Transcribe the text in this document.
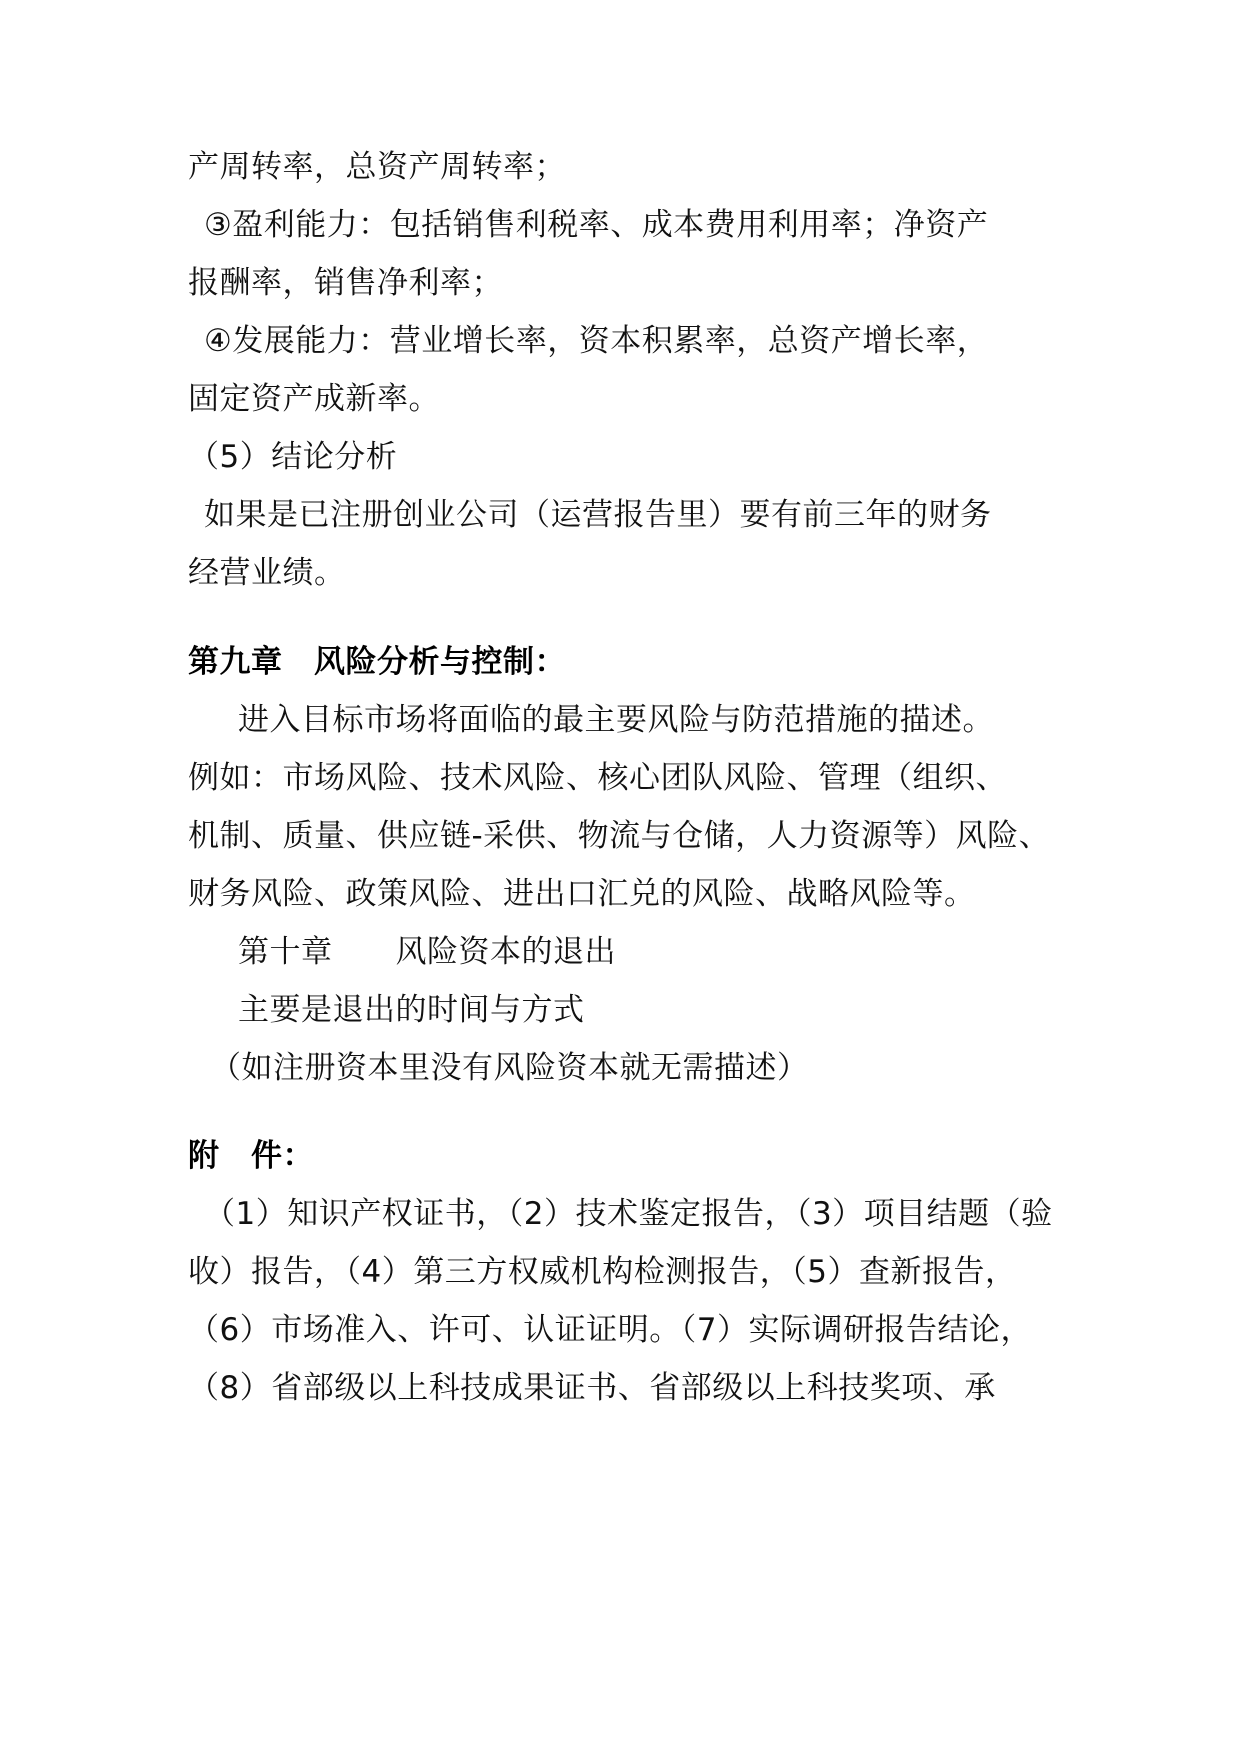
产周转率，总资产周转率；
③盈利能力：包括销售利税率、成本费用利用率；净资产
报酬率，销售净利率；
④发展能力：营业增长率，资本积累率，总资产增长率，
固定资产成新率。
（5）结论分析
如果是已注册创业公司（运营报告里）要有前三年的财务
经营业绩。
第九章　风险分析与控制：
进入目标市场将面临的最主要风险与防范措施的描述。
例如：市场风险、技术风险、核心团队风险、管理（组织、
机制、质量、供应链-采供、物流与仓储，人力资源等）风险、
财务风险、政策风险、进出口汇兑的风险、战略风险等。
第十章　　风险资本的退出
主要是退出的时间与方式
（如注册资本里没有风险资本就无需描述）
附　件：
（1）知识产权证书，（2）技术鉴定报告，（3）项目结题（验
收）报告，（4）第三方权威机构检测报告，（5）查新报告，
（6）市场准入、许可、认证证明。（7）实际调研报告结论，
（8）省部级以上科技成果证书、省部级以上科技奖项、承
